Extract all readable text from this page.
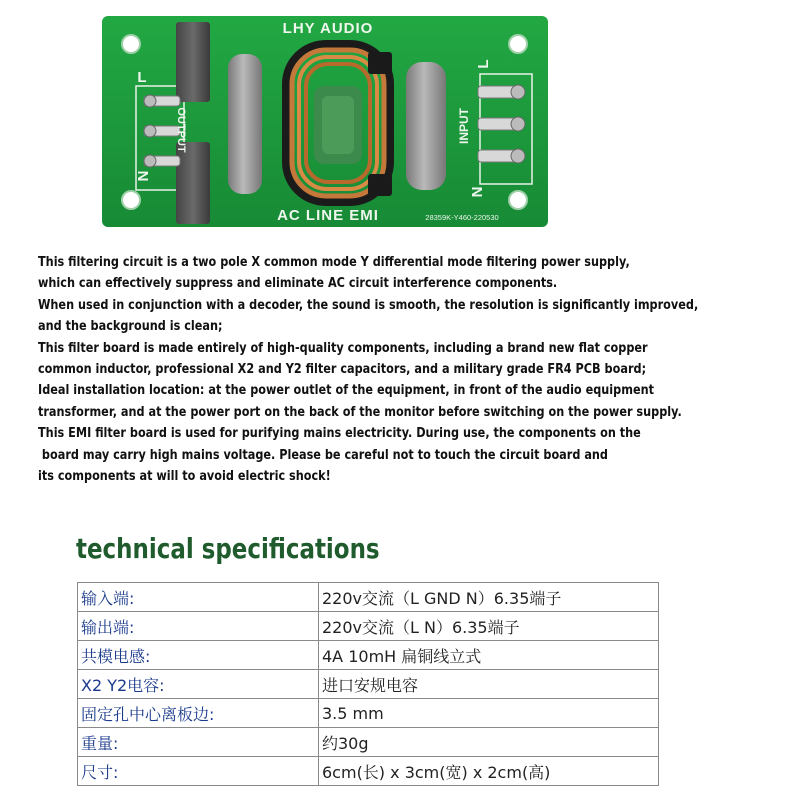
LHY AUDIO
AC LINE EMI	28359K-Y460-220530
L
N
OUTPUT	INPUT
L
N
This filtering circuit is a two pole X common mode Y differential mode filtering power supply,
which can effectively suppress and eliminate AC circuit interference components.
When used in conjunction with a decoder, the sound is smooth, the resolution is significantly improved,
and the background is clean;
This filter board is made entirely of high-quality components, including a brand new flat copper
common inductor, professional X2 and Y2 filter capacitors, and a military grade FR4 PCB board;
Ideal installation location: at the power outlet of the equipment, in front of the audio equipment
transformer, and at the power port on the back of the monitor before switching on the power supply.
This EMI filter board is used for purifying mains electricity. During use, the components on the
board may carry high mains voltage. Please be careful not to touch the circuit board and
its components at will to avoid electric shock!
technical specifications
输入端:	220v交流（L GND N）6.35端子
输出端:	220v交流（L N）6.35端子
共模电感:	4A 10mH 扁铜线立式
X2 Y2电容:	进口安规电容
固定孔中心离板边:	3.5 mm
重量:	约30g
尺寸:	6cm(长) x 3cm(宽) x 2cm(高)
